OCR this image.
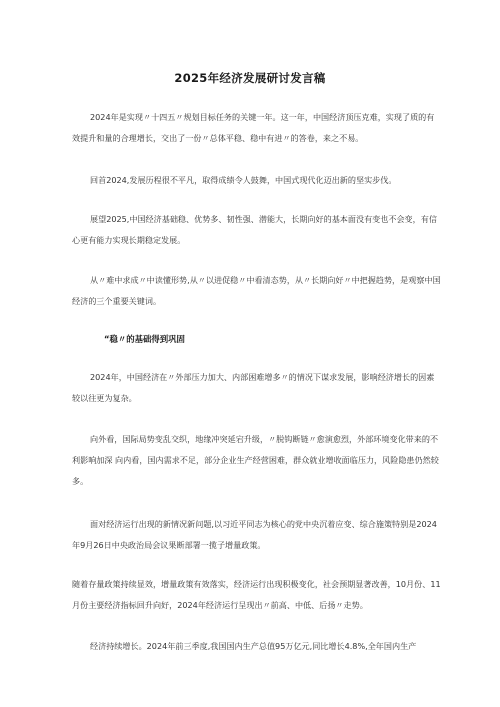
2025年经济发展研讨发言稿

2024年是实现〃十四五〃规划目标任务的关键一年。这一年，中国经济顶压克难，实现了质的有效提升和量的合理增长，交出了一份〃总体平稳、稳中有进〃的答卷，来之不易。

回首2024,发展历程很不平凡，取得成绩令人鼓舞，中国式现代化迈出新的坚实步伐。

展望2025,中国经济基础稳、优势多、韧性强、潜能大，长期向好的基本面没有变也不会变，有信心更有能力实现长期稳定发展。

从〃难中求成〃中读懂形势,从〃以进促稳〃中看清态势，从〃长期向好〃中把握趋势，是观察中国经济的三个重要关键词。

“稳〃的基础得到巩固

2024年，中国经济在〃外部压力加大、内部困难增多〃的情况下谋求发展，影响经济增长的因素较以往更为复杂。

向外看，国际局势变乱交织，地缘冲突延宕升级，〃脱钩断链〃愈演愈烈，外部环境变化带来的不利影响加深 向内看，国内需求不足，部分企业生产经营困难，群众就业增收面临压力，风险隐患仍然较多。

面对经济运行出现的新情况新问题,以习近平同志为核心的党中央沉着应变、综合施策特别是2024年9月26日中央政治局会议果断部署一揽子增量政策。

随着存量政策持续显效，增量政策有效落实，经济运行出现积极变化，社会预期显著改善，10月份、11月份主要经济指标回升向好，2024年经济运行呈现出〃前高、中低、后扬〃走势。

经济持续增长。2024年前三季度,我国国内生产总值95万亿元,同比增长4.8%,全年国内生产
